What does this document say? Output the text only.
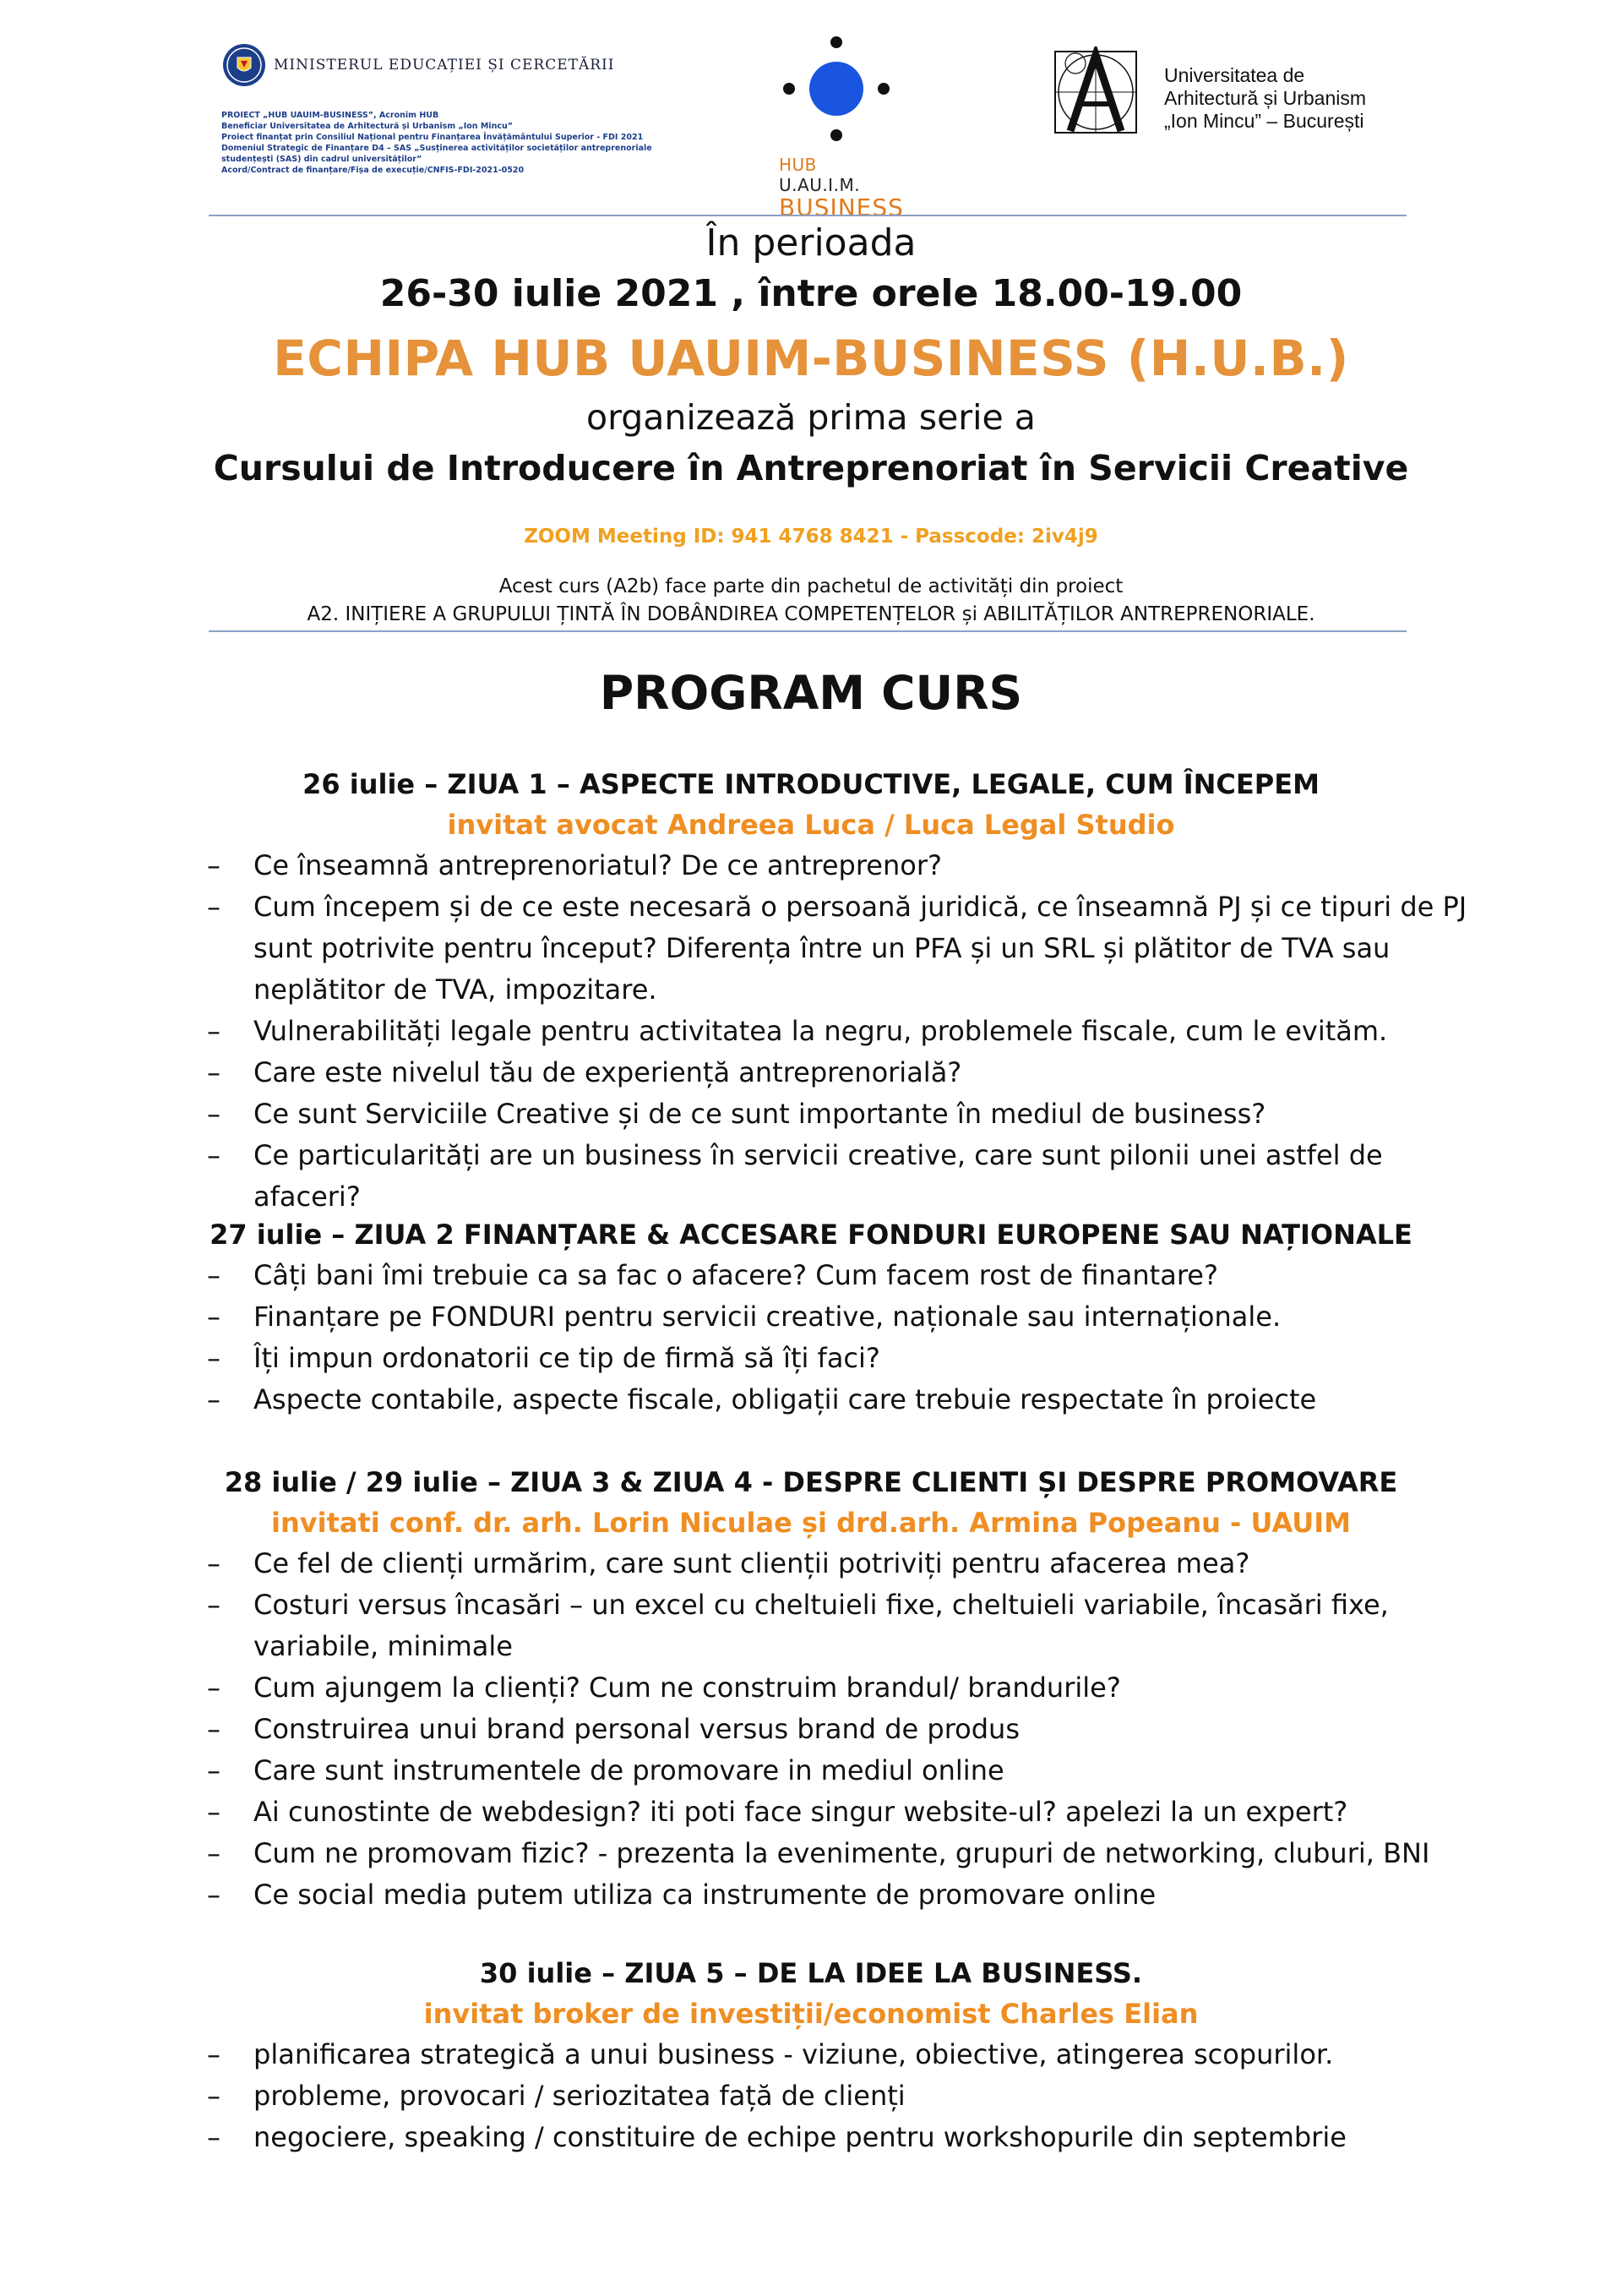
MINISTERUL EDUCAȚIEI ȘI CERCETĂRII
PROIECT „HUB UAUIM-BUSINESS”, Acronim HUB
Beneficiar Universitatea de Arhitectură și Urbanism „Ion Mincu”
Proiect finanțat prin Consiliul Național pentru Finanțarea Învățământului Superior - FDI 2021
Domeniul Strategic de Finanțare D4 – SAS „Susținerea activităților societăților antreprenoriale
studențești (SAS) din cadrul universităților”
Acord/Contract de finanțare/Fișa de execuție/CNFIS-FDI-2021-0520	HUB U.AU.I.M.
BUSINESS
Universitatea de
Arhitectură și Urbanism
„Ion Mincu” – București
În perioada
26-30 iulie 2021 , între orele 18.00-19.00
ECHIPA HUB UAUIM-BUSINESS (H.U.B.)
organizează prima serie a
Cursului de Introducere în Antreprenoriat în Servicii Creative
ZOOM Meeting ID: 941 4768 8421 - Passcode: 2iv4j9
Acest curs (A2b) face parte din pachetul de activități din proiect
A2. INIȚIERE A GRUPULUI ȚINTĂ ÎN DOBÂNDIREA COMPETENȚELOR și ABILITĂȚILOR ANTREPRENORIALE.
PROGRAM CURS
26 iulie – ZIUA 1 – ASPECTE INTRODUCTIVE, LEGALE, CUM ÎNCEPEM
invitat avocat Andreea Luca / Luca Legal Studio
– Ce înseamnă antreprenoriatul? De ce antreprenor?
– Cum începem și de ce este necesară o persoană juridică, ce înseamnă PJ și ce tipuri de PJ sunt potrivite pentru început? Diferența între un PFA și un SRL și plătitor de TVA sau neplătitor de TVA, impozitare.
– Vulnerabilități legale pentru activitatea la negru, problemele fiscale, cum le evităm.
– Care este nivelul tău de experiență antreprenorială?
– Ce sunt Serviciile Creative și de ce sunt importante în mediul de business?
– Ce particularități are un business în servicii creative, care sunt pilonii unei astfel de afaceri?
27 iulie – ZIUA 2 FINANȚARE & ACCESARE FONDURI EUROPENE SAU NAȚIONALE
– Câți bani îmi trebuie ca sa fac o afacere? Cum facem rost de finantare?
– Finanțare pe FONDURI pentru servicii creative, naționale sau internaționale.
– Îți impun ordonatorii ce tip de firmă să îți faci?
– Aspecte contabile, aspecte fiscale, obligații care trebuie respectate în proiecte
28 iulie / 29 iulie – ZIUA 3 & ZIUA 4 - DESPRE CLIENTI ȘI DESPRE PROMOVARE
invitati conf. dr. arh. Lorin Niculae și drd.arh. Armina Popeanu - UAUIM
– Ce fel de clienți urmărim, care sunt clienții potriviți pentru afacerea mea?
– Costuri versus încasări – un excel cu cheltuieli fixe, cheltuieli variabile, încasări fixe, variabile, minimale
– Cum ajungem la clienți? Cum ne construim brandul/ brandurile?
– Construirea unui brand personal versus brand de produs
– Care sunt instrumentele de promovare in mediul online
– Ai cunostinte de webdesign? iti poti face singur website-ul? apelezi la un expert?
– Cum ne promovam fizic? - prezenta la evenimente, grupuri de networking, cluburi, BNI
– Ce social media putem utiliza ca instrumente de promovare online
30 iulie – ZIUA 5 – DE LA IDEE LA BUSINESS.
invitat broker de investiții/economist Charles Elian
– planificarea strategică a unui business - viziune, obiective, atingerea scopurilor.
– probleme, provocari / seriozitatea față de clienți
– negociere, speaking / constituire de echipe pentru workshopurile din septembrie
